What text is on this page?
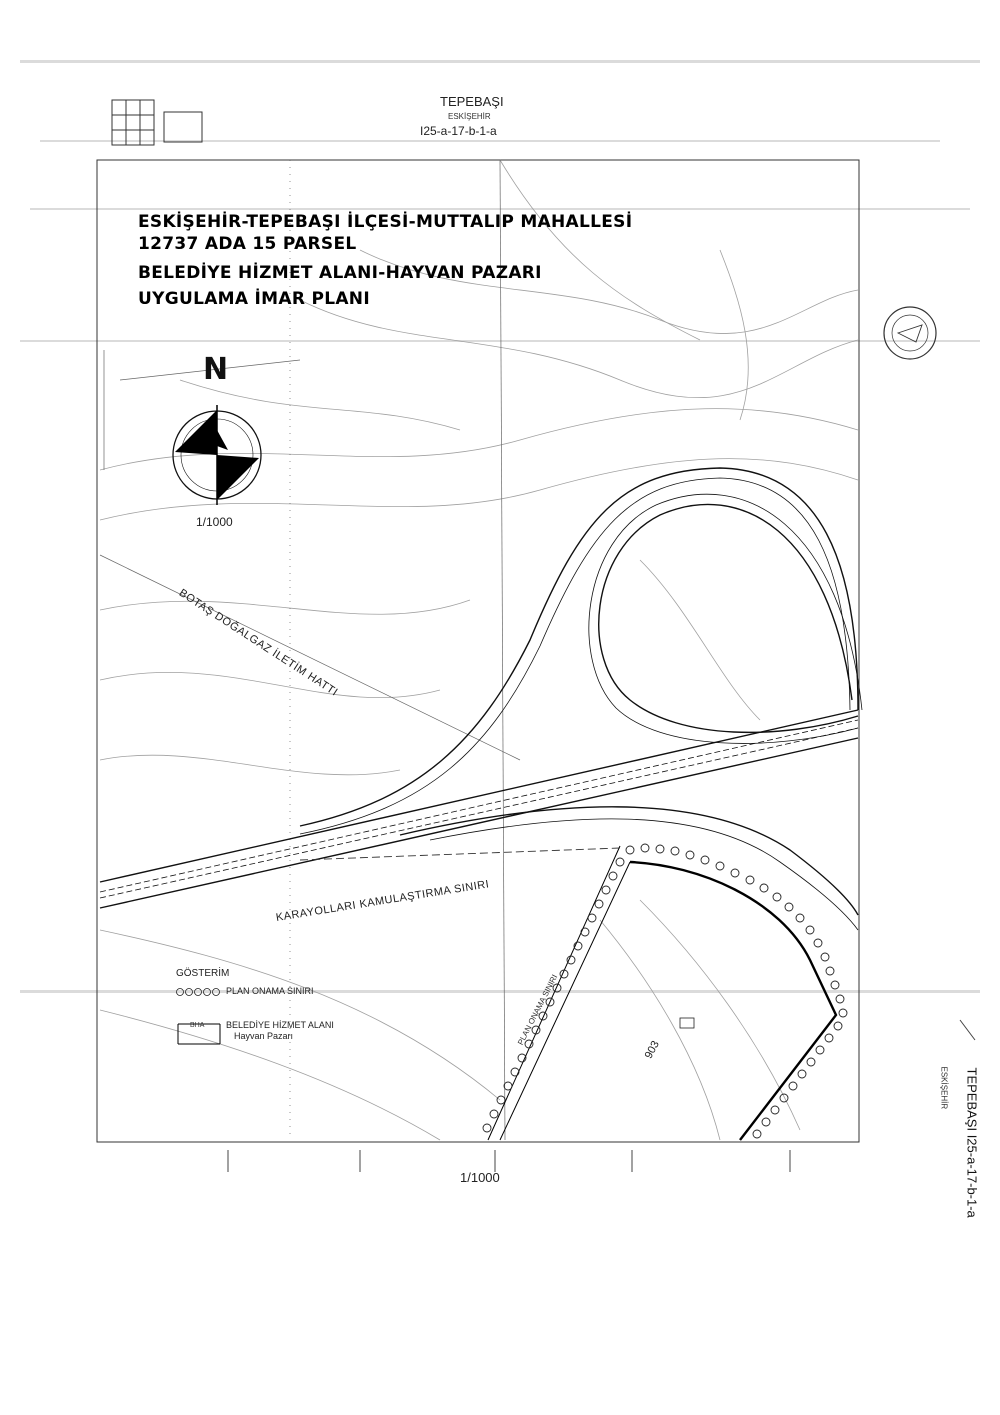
TEPEBAŞI
ESKİŞEHİR
I25-a-17-b-1-a
ESKİŞEHİR-TEPEBAŞI İLÇESİ-MUTTALIP MAHALLESİ
12737 ADA 15 PARSEL
BELEDİYE HİZMET ALANI-HAYVAN PAZARI
UYGULAMA İMAR PLANI
N
1/1000
BOTAŞ DOĞALGAZ İLETİM HATTI
KARAYOLLARI KAMULAŞTIRMA SINIRI
PLAN ONAMA SINIRI
903
GÖSTERİM
PLAN ONAMA SINIRI
BHA BELEDİYE HİZMET ALANI
Hayvan Pazarı
1/1000	TEPEBAŞI I25-a-17-b-1-a
ESKİŞEHİR
